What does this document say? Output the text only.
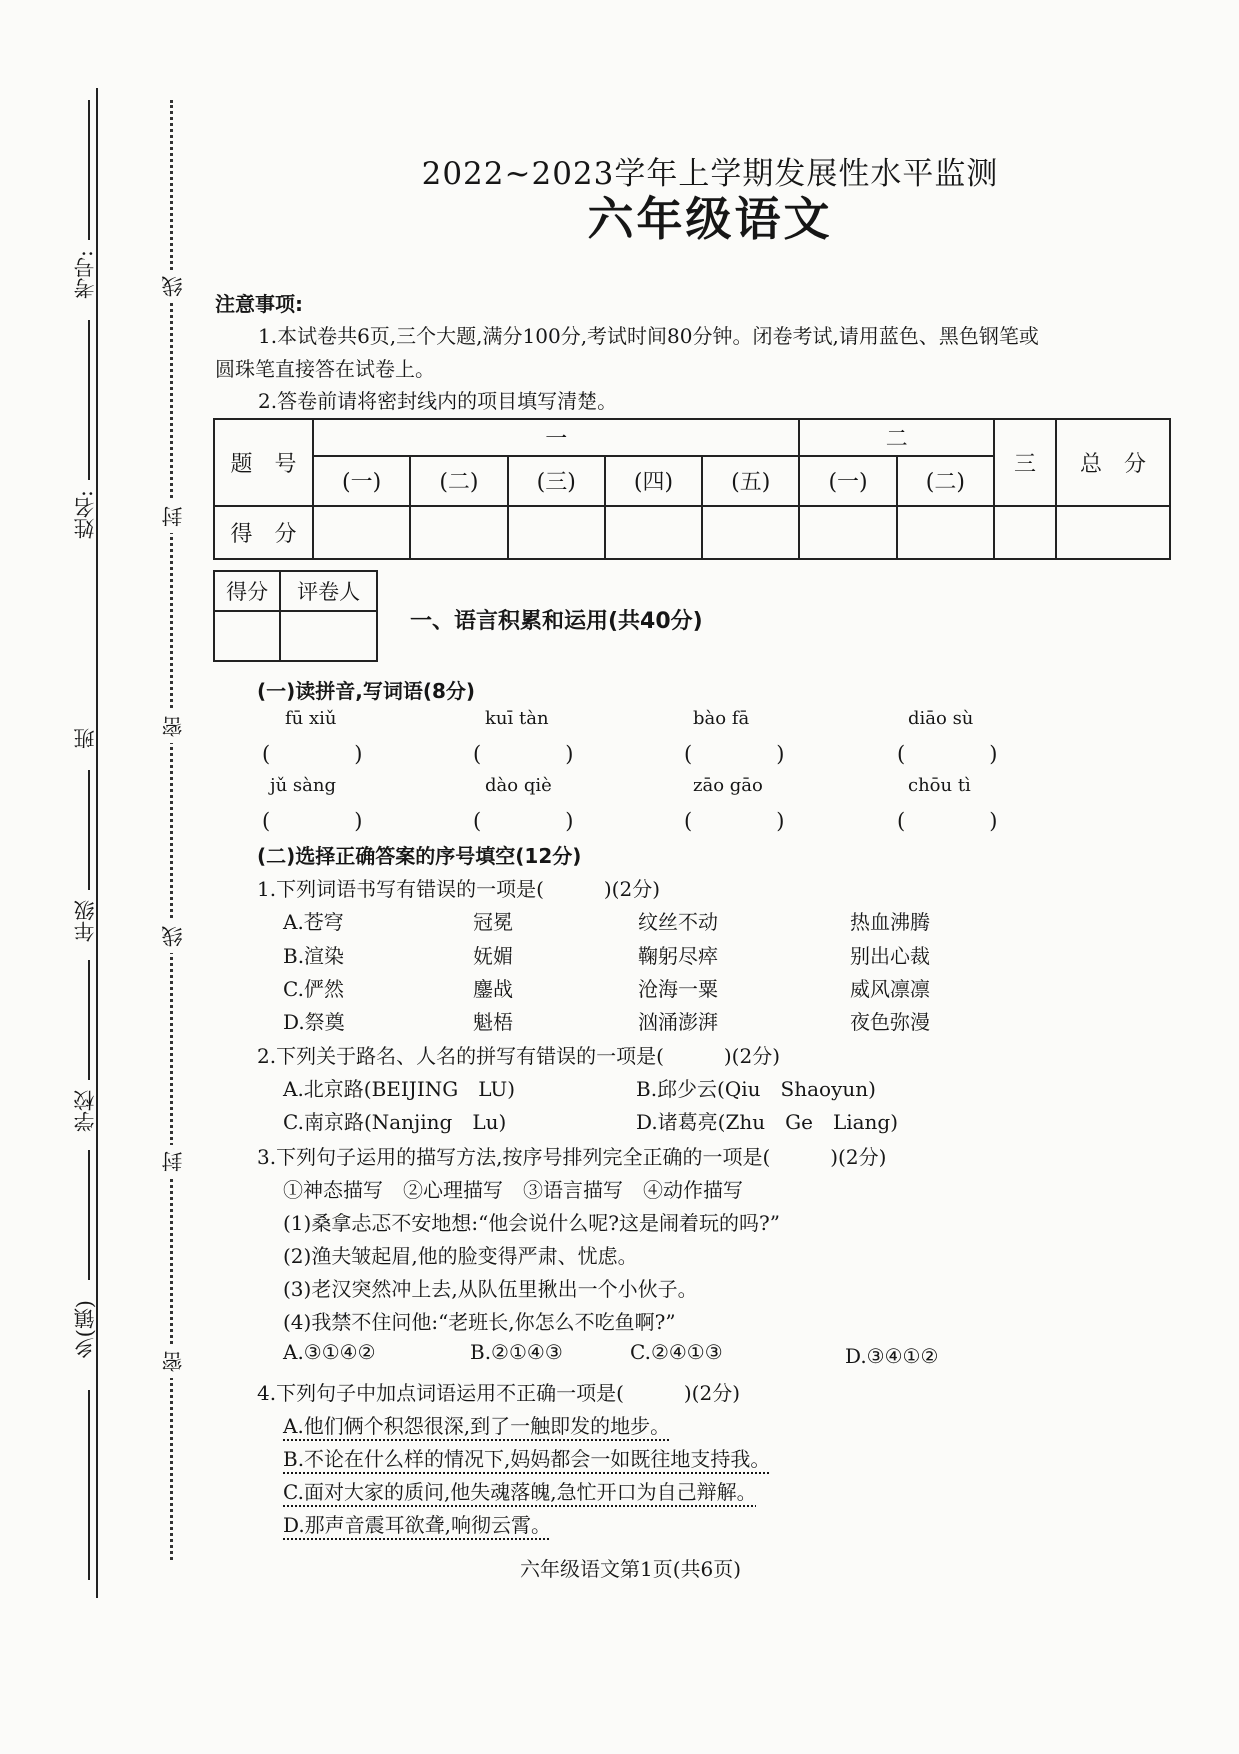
考号:
姓名:
班
年级
学校
乡(镇)
线
封
密
线
封
密
2022~2023学年上学期发展性水平监测
六年级语文
注意事项:
1.本试卷共6页,三个大题,满分100分,考试时间80分钟。闭卷考试,请用蓝色、黑色钢笔或
圆珠笔直接答在试卷上。
2.答卷前请将密封线内的项目填写清楚。
题　号	一					二		三	总　分
	(一)	(二)	(三)	(四)	(五)	(一)	(二)		
得　分									
得分	评卷人

一、语言积累和运用(共40分)
(一)读拼音,写词语(8分)
fū xiǔ	kuī tàn	bào fā	diāo sù
(　　　　)	(　　　　)	(　　　　)	(　　　　)
jǔ sàng	dào qiè	zāo gāo	chōu tì
(　　　　)	(　　　　)	(　　　　)	(　　　　)
(二)选择正确答案的序号填空(12分)
1.下列词语书写有错误的一项是(　　　)(2分)
A.苍穹	冠冕	纹丝不动	热血沸腾
B.渲染	妩媚	鞠躬尽瘁	别出心裁
C.俨然	鏖战	沧海一粟	威风凛凛
D.祭奠	魁梧	汹涌澎湃	夜色弥漫
2.下列关于路名、人名的拼写有错误的一项是(　　　)(2分)
A.北京路(BEIJING　LU)	B.邱少云(Qiu　Shaoyun)
C.南京路(Nanjing　Lu)	D.诸葛亮(Zhu　Ge　Liang)
3.下列句子运用的描写方法,按序号排列完全正确的一项是(　　　)(2分)
①神态描写　②心理描写　③语言描写　④动作描写
(1)桑拿忐忑不安地想:“他会说什么呢?这是闹着玩的吗?”
(2)渔夫皱起眉,他的脸变得严肃、忧虑。
(3)老汉突然冲上去,从队伍里揪出一个小伙子。
(4)我禁不住问他:“老班长,你怎么不吃鱼啊?”
A.③①④②	B.②①④③	C.②④①③	D.③④①②
4.下列句子中加点词语运用不正确一项是(　　　)(2分)
A.他们俩个积怨很深,到了一触即发的地步。
B.不论在什么样的情况下,妈妈都会一如既往地支持我。
C.面对大家的质问,他失魂落魄,急忙开口为自己辩解。
D.那声音震耳欲聋,响彻云霄。
六年级语文第1页(共6页)
